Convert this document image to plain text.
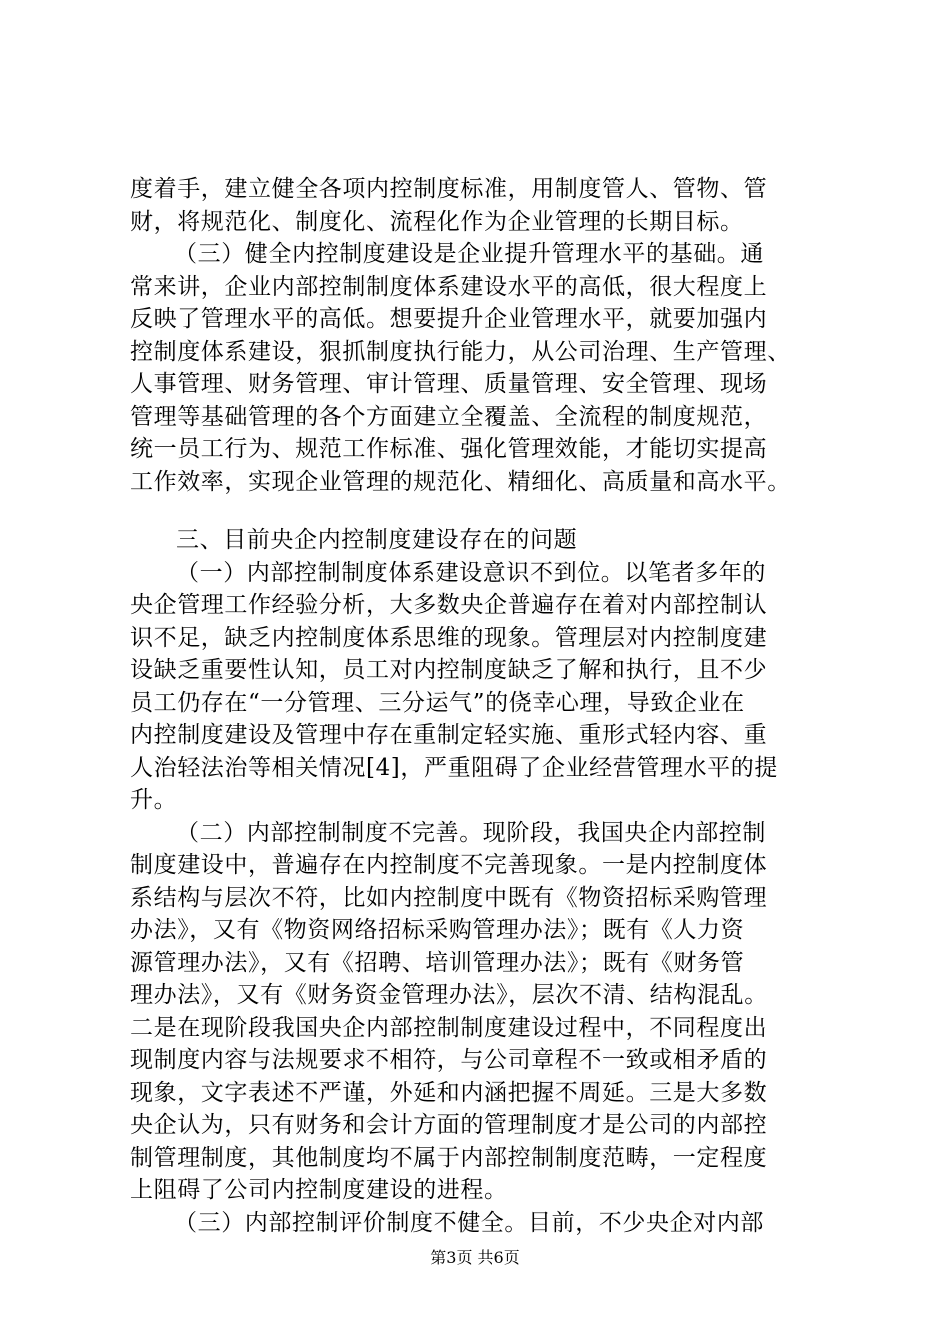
度着手，建立健全各项内控制度标准，用制度管人、管物、管
财，将规范化、制度化、流程化作为企业管理的长期目标。
（三）健全内控制度建设是企业提升管理水平的基础。通
常来讲，企业内部控制制度体系建设水平的高低，很大程度上
反映了管理水平的高低。想要提升企业管理水平，就要加强内
控制度体系建设，狠抓制度执行能力，从公司治理、生产管理、
人事管理、财务管理、审计管理、质量管理、安全管理、现场
管理等基础管理的各个方面建立全覆盖、全流程的制度规范，
统一员工行为、规范工作标准、强化管理效能，才能切实提高
工作效率，实现企业管理的规范化、精细化、高质量和高水平。
三、目前央企内控制度建设存在的问题
（一）内部控制制度体系建设意识不到位。以笔者多年的
央企管理工作经验分析，大多数央企普遍存在着对内部控制认
识不足，缺乏内控制度体系思维的现象。管理层对内控制度建
设缺乏重要性认知，员工对内控制度缺乏了解和执行，且不少
员工仍存在“一分管理、三分运气”的侥幸心理，导致企业在
内控制度建设及管理中存在重制定轻实施、重形式轻内容、重
人治轻法治等相关情况[4]，严重阻碍了企业经营管理水平的提
升。
（二）内部控制制度不完善。现阶段，我国央企内部控制
制度建设中，普遍存在内控制度不完善现象。一是内控制度体
系结构与层次不符，比如内控制度中既有《物资招标采购管理
办法》，又有《物资网络招标采购管理办法》；既有《人力资
源管理办法》，又有《招聘、培训管理办法》；既有《财务管
理办法》，又有《财务资金管理办法》，层次不清、结构混乱。
二是在现阶段我国央企内部控制制度建设过程中，不同程度出
现制度内容与法规要求不相符，与公司章程不一致或相矛盾的
现象，文字表述不严谨，外延和内涵把握不周延。三是大多数
央企认为，只有财务和会计方面的管理制度才是公司的内部控
制管理制度，其他制度均不属于内部控制制度范畴，一定程度
上阻碍了公司内控制度建设的进程。
（三）内部控制评价制度不健全。目前，不少央企对内部
第3页 共6页
